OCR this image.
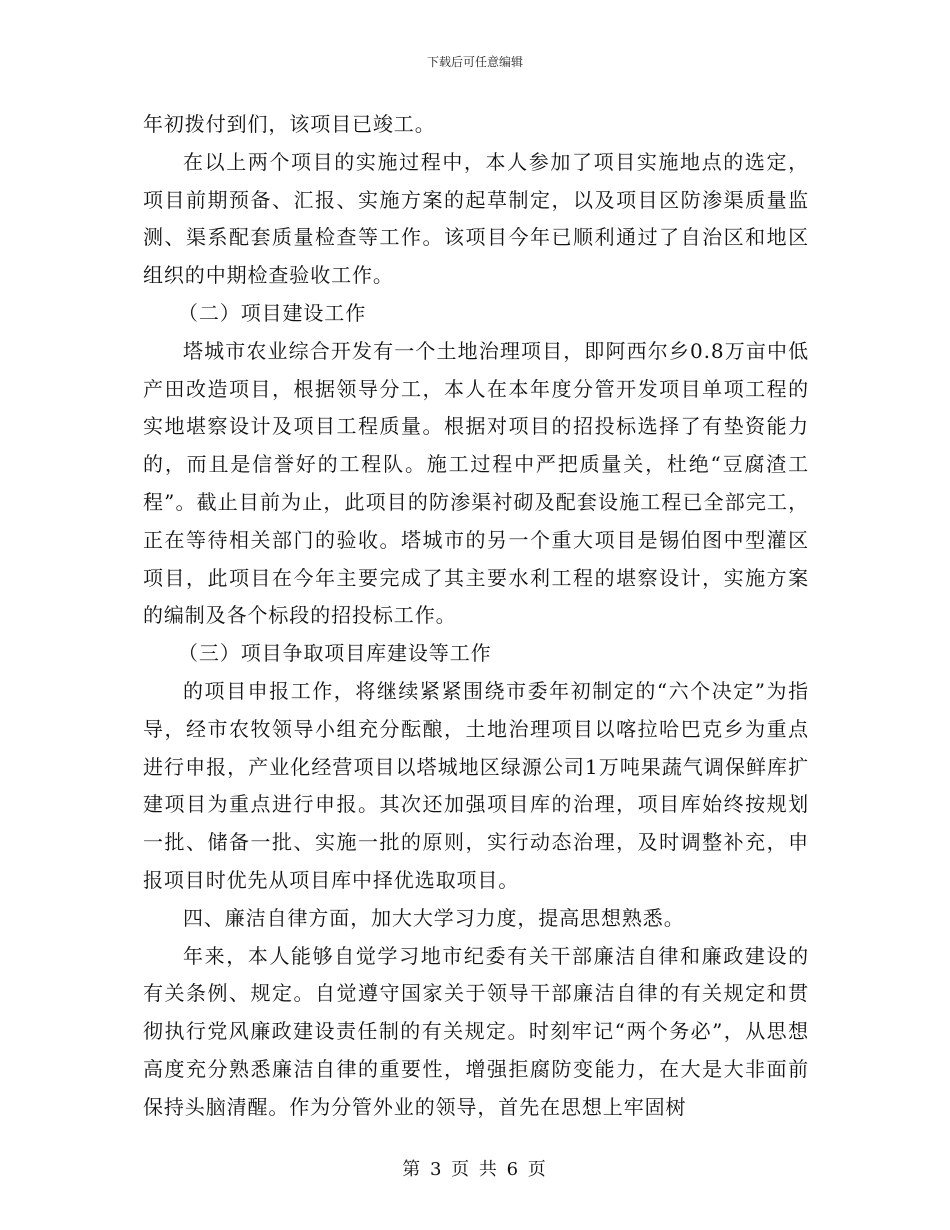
下载后可任意编辑

年初拨付到们，该项目已竣工。

在以上两个项目的实施过程中，本人参加了项目实施地点的选定，项目前期预备、汇报、实施方案的起草制定，以及项目区防渗渠质量监测、渠系配套质量检查等工作。该项目今年已顺利通过了自治区和地区组织的中期检查验收工作。

（二）项目建设工作

塔城市农业综合开发有一个土地治理项目，即阿西尔乡0.8万亩中低产田改造项目，根据领导分工，本人在本年度分管开发项目单项工程的实地堪察设计及项目工程质量。根据对项目的招投标选择了有垫资能力的，而且是信誉好的工程队。施工过程中严把质量关，杜绝“豆腐渣工程”。截止目前为止，此项目的防渗渠衬砌及配套设施工程已全部完工，正在等待相关部门的验收。塔城市的另一个重大项目是锡伯图中型灌区项目，此项目在今年主要完成了其主要水利工程的堪察设计，实施方案的编制及各个标段的招投标工作。

（三）项目争取项目库建设等工作

的项目申报工作，将继续紧紧围绕市委年初制定的“六个决定”为指导，经市农牧领导小组充分酝酿，土地治理项目以喀拉哈巴克乡为重点进行申报，产业化经营项目以塔城地区绿源公司1万吨果蔬气调保鲜库扩建项目为重点进行申报。其次还加强项目库的治理，项目库始终按规划一批、储备一批、实施一批的原则，实行动态治理，及时调整补充，申报项目时优先从项目库中择优选取项目。

四、廉洁自律方面，加大大学习力度，提高思想熟悉。

年来，本人能够自觉学习地市纪委有关干部廉洁自律和廉政建设的有关条例、规定。自觉遵守国家关于领导干部廉洁自律的有关规定和贯彻执行党风廉政建设责任制的有关规定。时刻牢记“两个务必”，从思想高度充分熟悉廉洁自律的重要性，增强拒腐防变能力，在大是大非面前保持头脑清醒。作为分管外业的领导，首先在思想上牢固树

第 3 页 共 6 页
